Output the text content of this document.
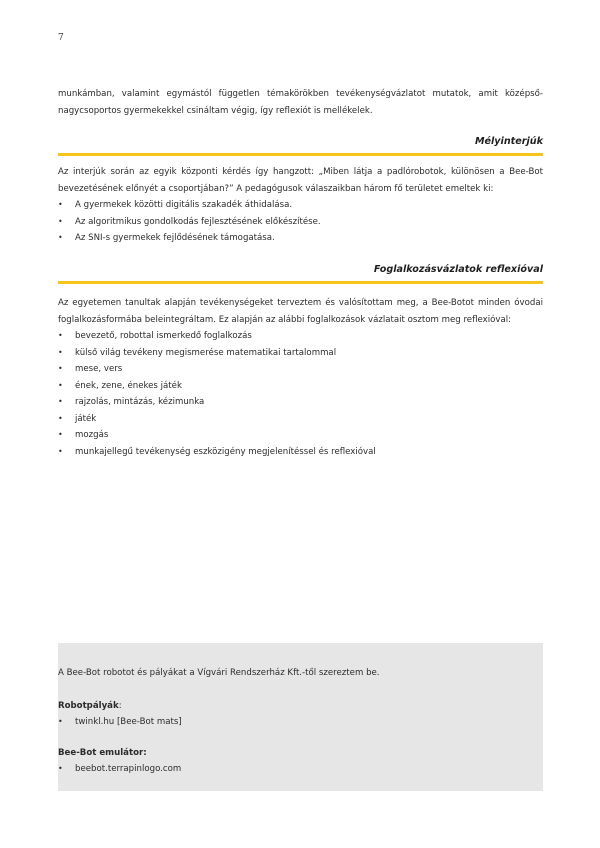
7

munkámban, valamint egymástól független témakörökben tevékenységvázlatot mutatok, amit középső-nagycsoportos gyermekekkel csináltam végig, így reflexiót is mellékelek.

Mélyinterjúk

Az interjúk során az egyik központi kérdés így hangzott: „Miben látja a padlórobotok, különösen a Bee-Bot bevezetésének előnyét a csoportjában?” A pedagógusok válaszaikban három fő területet emeltek ki:

• A gyermekek közötti digitális szakadék áthidalása.
• Az algoritmikus gondolkodás fejlesztésének előkészítése.
• Az SNI-s gyermekek fejlődésének támogatása.

Foglalkozásvázlatok reflexióval

Az egyetemen tanultak alapján tevékenységeket terveztem és valósítottam meg, a Bee-Botot minden óvodai foglalkozásformába beleintegráltam. Ez alapján az alábbi foglalkozások vázlatait osztom meg reflexióval:

• bevezető, robottal ismerkedő foglalkozás
• külső világ tevékeny megismerése matematikai tartalommal
• mese, vers
• ének, zene, énekes játék
• rajzolás, mintázás, kézimunka
• játék
• mozgás
• munkajellegű tevékenység eszközigény megjelenítéssel és reflexióval

A Bee-Bot robotot és pályákat a Vígvári Rendszerház Kft.-től szereztem be.

Robotpályák:

• twinkl.hu [Bee-Bot mats]

Bee-Bot emulátor:

• beebot.terrapinlogo.com
